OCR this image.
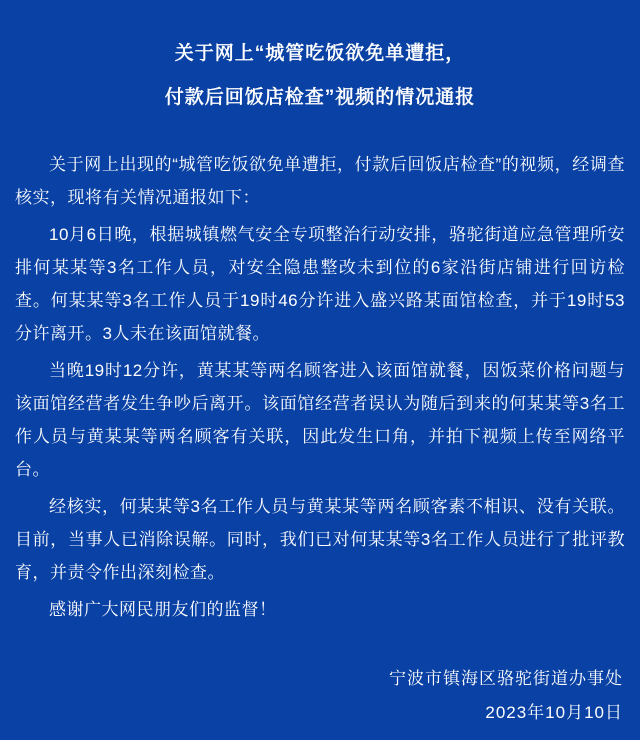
关于网上“城管吃饭欲免单遭拒，
付款后回饭店检查”视频的情况通报

关于网上出现的“城管吃饭欲免单遭拒，付款后回饭店检查”的视频，经调查核实，现将有关情况通报如下：

10月6日晚，根据城镇燃气安全专项整治行动安排，骆驼街道应急管理所安排何某某等3名工作人员，对安全隐患整改未到位的6家沿街店铺进行回访检查。何某某等3名工作人员于19时46分许进入盛兴路某面馆检查，并于19时53分许离开。3人未在该面馆就餐。

当晚19时12分许，黄某某等两名顾客进入该面馆就餐，因饭菜价格问题与该面馆经营者发生争吵后离开。该面馆经营者误认为随后到来的何某某等3名工作人员与黄某某等两名顾客有关联，因此发生口角，并拍下视频上传至网络平台。

经核实，何某某等3名工作人员与黄某某等两名顾客素不相识、没有关联。目前，当事人已消除误解。同时，我们已对何某某等3名工作人员进行了批评教育，并责令作出深刻检查。

感谢广大网民朋友们的监督！

宁波市镇海区骆驼街道办事处
2023年10月10日
